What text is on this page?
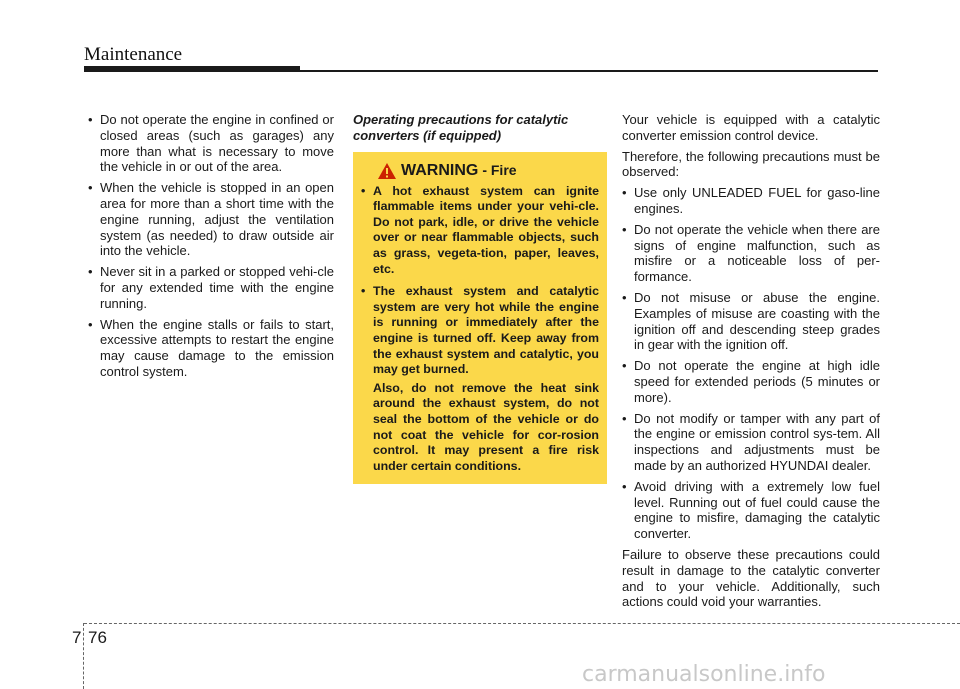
Maintenance
• Do not operate the engine in confined or closed areas (such as garages) any more than what is necessary to move the vehicle in or out of the area.
• When the vehicle is stopped in an open area for more than a short time with the engine running, adjust the ventilation system (as needed) to draw outside air into the vehicle.
• Never sit in a parked or stopped vehi-cle for any extended time with the engine running.
• When the engine stalls or fails to start, excessive attempts to restart the engine may cause damage to the emission control system.
Operating precautions for catalytic converters (if equipped)
WARNING - Fire
• A hot exhaust system can ignite flammable items under your vehi-cle. Do not park, idle, or drive the vehicle over or near flammable objects, such as grass, vegeta-tion, paper, leaves, etc.
• The exhaust system and catalytic system are very hot while the engine is running or immediately after the engine is turned off. Keep away from the exhaust system and catalytic, you may get burned.

Also, do not remove the heat sink around the exhaust system, do not seal the bottom of the vehicle or do not coat the vehicle for cor-rosion control. It may present a fire risk under certain conditions.

Your vehicle is equipped with a catalytic converter emission control device.

Therefore, the following precautions must be observed:

• Use only UNLEADED FUEL for gaso-line engines.
• Do not operate the vehicle when there are signs of engine malfunction, such as misfire or a noticeable loss of per-formance.
• Do not misuse or abuse the engine. Examples of misuse are coasting with the ignition off and descending steep grades in gear with the ignition off.
• Do not operate the engine at high idle speed for extended periods (5 minutes or more).
• Do not modify or tamper with any part of the engine or emission control sys-tem. All inspections and adjustments must be made by an authorized HYUNDAI dealer.
• Avoid driving with a extremely low fuel level. Running out of fuel could cause the engine to misfire, damaging the catalytic converter.

Failure to observe these precautions could result in damage to the catalytic converter and to your vehicle. Additionally, such actions could void your warranties.

7 76
carmanualsonline.info
